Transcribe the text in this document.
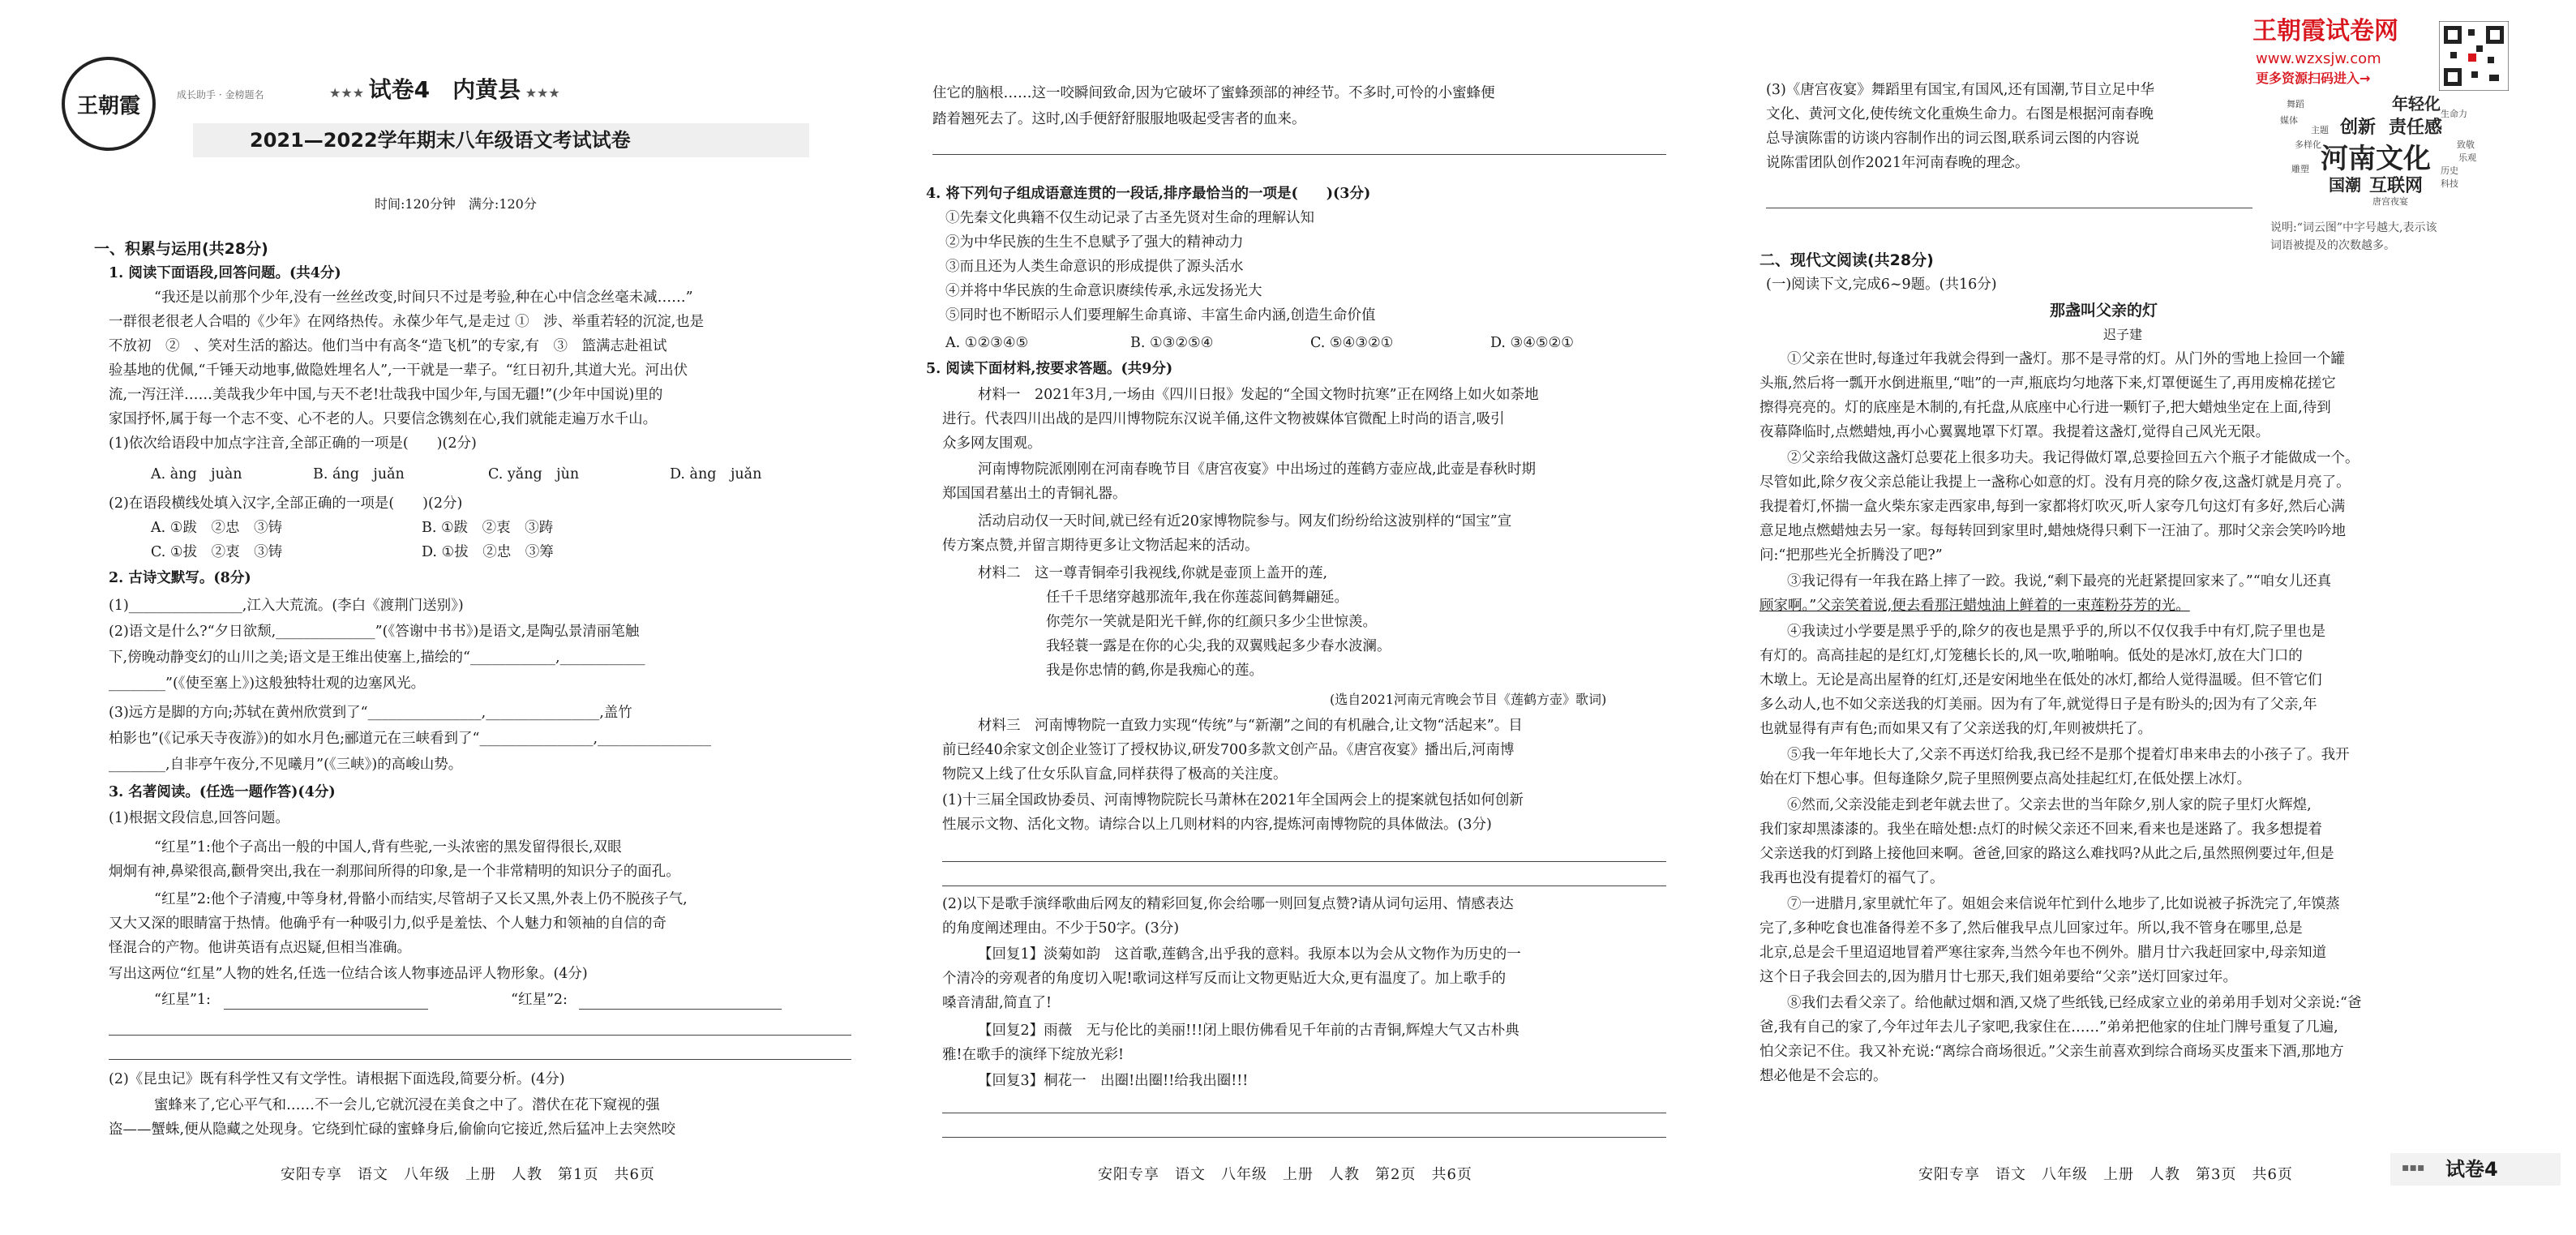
王朝霞	成长助手 · 金榜题名	★★★ 试卷4　 内黄县 ★★★
2021—2022学年期末八年级语文考试试卷
时间:120分钟　满分:120分
一、积累与运用(共28分)
1. 阅读下面语段,回答问题。(共4分)
“我还是以前那个少年,没有一丝丝改变,时间只不过是考验,种在心中信念丝毫未减……”
一群很老很老人合唱的《少年》在网络热传。永葆少年气,是走过 ①　涉、举重若轻的沉淀,也是
不放初　②　、笑对生活的豁达。他们当中有高冬“造飞机”的专家,有　③　篮满志赴祖试
验基地的优佩,“千锤天动地事,做隐姓埋名人”,一干就是一辈子。“红日初升,其道大光。河出伏
流,一泻汪洋……美哉我少年中国,与天不老!壮哉我中国少年,与国无疆!”(少年中国说)里的
家国抒怀,属于每一个志不变、心不老的人。只要信念镌刻在心,我们就能走遍万水千山。
(1)依次给语段中加点字注音,全部正确的一项是(　　)(2分)
A. àng　juàn	B. áng　juǎn	C. yǎng　jùn	D. àng　juǎn
(2)在语段横线处填入汉字,全部正确的一项是(　　)(2分)
A. ①跋　②忠　③铸	B. ①跋　②衷　③踌
C. ①拔　②衷　③铸	D. ①拔　②忠　③筹
2. 古诗文默写。(8分)
(1)________________,江入大荒流。(李白《渡荆门送别》)
(2)语文是什么?“夕日欲颓,______________”(《答谢中书书》)是语文,是陶弘景清丽笔触
下,傍晚动静变幻的山川之美;语文是王维出使塞上,描绘的“____________,____________
________”(《使至塞上》)这般独特壮观的边塞风光。
(3)远方是脚的方向;苏轼在黄州欣赏到了“________________,________________,盖竹
柏影也”(《记承天寺夜游》)的如水月色;郦道元在三峡看到了“________________,________________
________,自非亭午夜分,不见曦月”(《三峡》)的高峻山势。
3. 名著阅读。(任选一题作答)(4分)
(1)根据文段信息,回答问题。
“红星”1:他个子高出一般的中国人,背有些驼,一头浓密的黑发留得很长,双眼
炯炯有神,鼻梁很高,颧骨突出,我在一刹那间所得的印象,是一个非常精明的知识分子的面孔。
“红星”2:他个子清瘦,中等身材,骨骼小而结实,尽管胡子又长又黑,外表上仍不脱孩子气,
又大又深的眼睛富于热情。他确乎有一种吸引力,似乎是羞怯、个人魅力和领袖的自信的奇
怪混合的产物。他讲英语有点迟疑,但相当准确。
写出这两位“红星”人物的姓名,任选一位结合该人物事迹品评人物形象。(4分)
“红星”1:	“红星”2:
(2)《昆虫记》既有科学性又有文学性。请根据下面选段,简要分析。(4分)
蜜蜂来了,它心平气和……不一会儿,它就沉浸在美食之中了。潜伏在花下窥视的强
盗——蟹蛛,便从隐藏之处现身。它绕到忙碌的蜜蜂身后,偷偷向它接近,然后猛冲上去突然咬
安阳专享　语文　八年级　上册　人教　第1页　共6页
住它的脑根……这一咬瞬间致命,因为它破坏了蜜蜂颈部的神经节。不多时,可怜的小蜜蜂便
踏着翘死去了。这时,凶手便舒舒服服地吸起受害者的血来。
4. 将下列句子组成语意连贯的一段话,排序最恰当的一项是(　　)(3分)
①先秦文化典籍不仅生动记录了古圣先贤对生命的理解认知
②为中华民族的生生不息赋予了强大的精神动力
③而且还为人类生命意识的形成提供了源头活水
④并将中华民族的生命意识赓续传承,永远发扬光大
⑤同时也不断昭示人们要理解生命真谛、丰富生命内涵,创造生命价值
A. ①②③④⑤	B. ①③②⑤④	C. ⑤④③②①	D. ③④⑤②①
5. 阅读下面材料,按要求答题。(共9分)
材料一　2021年3月,一场由《四川日报》发起的“全国文物时抗寒”正在网络上如火如荼地
进行。代表四川出战的是四川博物院东汉说羊俑,这件文物被媒体官微配上时尚的语言,吸引
众多网友围观。
河南博物院派刚刚在河南春晚节目《唐宫夜宴》中出场过的莲鹤方壶应战,此壶是春秋时期
郑国国君墓出土的青铜礼器。
活动启动仅一天时间,就已经有近20家博物院参与。网友们纷纷给这波别样的“国宝”宣
传方案点赞,并留言期待更多让文物活起来的活动。
材料二　这一尊青铜牵引我视线,你就是壶顶上盖开的莲,
任千千思绪穿越那流年,我在你莲蕊间鹤舞翩延。
你莞尔一笑就是阳光千鲜,你的红颜只多少尘世惊羡。
我轻蓑一露是在你的心尖,我的双翼贱起多少春水波澜。
我是你忠情的鹤,你是我痴心的莲。
(选自2021河南元宵晚会节目《莲鹤方壶》歌词)
材料三　河南博物院一直致力实现“传统”与“新潮”之间的有机融合,让文物“活起来”。目
前已经40余家文创企业签订了授权协议,研发700多款文创产品。《唐宫夜宴》播出后,河南博
物院又上线了仕女乐队盲盒,同样获得了极高的关注度。
(1)十三届全国政协委员、河南博物院院长马萧林在2021年全国两会上的提案就包括如何创新
性展示文物、活化文物。请综合以上几则材料的内容,提炼河南博物院的具体做法。(3分)
(2)以下是歌手演绎歌曲后网友的精彩回复,你会给哪一则回复点赞?请从词句运用、情感表达
的角度阐述理由。不少于50字。(3分)
【回复1】淡菊如韵　这首歌,莲鹤含,出乎我的意料。我原本以为会从文物作为历史的一
个清冷的旁观者的角度切入呢!歌词这样写反而让文物更贴近大众,更有温度了。加上歌手的
嗓音清甜,简直了!
【回复2】雨薇　无与伦比的美丽!!!闭上眼仿佛看见千年前的古青铜,辉煌大气又古朴典
雅!在歌手的演绎下绽放光彩!
【回复3】桐花一　出圈!出圈!!给我出圈!!!
安阳专享　语文　八年级　上册　人教　第2页　共6页
王朝霞试卷网
www.wzxsjw.com
更多资源扫码进入→
(3)《唐宫夜宴》舞蹈里有国宝,有国风,还有国潮,节目立足中华
文化、黄河文化,使传统文化重焕生命力。右图是根据河南春晚
总导演陈雷的访谈内容制作出的词云图,联系词云图的内容说
说陈雷团队创作2021年河南春晚的理念。
年轻化
创新 责任感
河南文化
国潮 互联网
舞蹈
媒体
主题
多样化
生命力
致敬
乐观
历史
唐宫夜宴
雕塑
科技
说明:“词云图”中字号越大,表示该
词语被提及的次数越多。
二、现代文阅读(共28分)
(一)阅读下文,完成6~9题。(共16分)
那盏叫父亲的灯
迟子建
①父亲在世时,每逢过年我就会得到一盏灯。那不是寻常的灯。从门外的雪地上捡回一个罐
头瓶,然后将一瓢开水倒进瓶里,“咄”的一声,瓶底均匀地落下来,灯罩便诞生了,再用废棉花搓它
擦得亮亮的。灯的底座是木制的,有托盘,从底座中心行进一颗钉子,把大蜡烛坐定在上面,待到
夜幕降临时,点燃蜡烛,再小心翼翼地罩下灯罩。我提着这盏灯,觉得自己风光无限。
②父亲给我做这盏灯总要花上很多功夫。我记得做灯罩,总要捡回五六个瓶子才能做成一个。
尽管如此,除夕夜父亲总能让我提上一盏称心如意的灯。没有月亮的除夕夜,这盏灯就是月亮了。
我提着灯,怀揣一盒火柴东家走西家串,每到一家都将灯吹灭,听人家夸几句这灯有多好,然后心满
意足地点燃蜡烛去另一家。每每转回到家里时,蜡烛烧得只剩下一汪油了。那时父亲会笑吟吟地
问:“把那些光全折腾没了吧?”
③我记得有一年我在路上摔了一跤。我说,“剩下最亮的光赶紧提回家来了。”“咱女儿还真
顾家啊。”父亲笑着说,便去看那汪蜡烛油上鲜着的一束莲粉芬芳的光。
④我读过小学要是黑乎乎的,除夕的夜也是黑乎乎的,所以不仅仅我手中有灯,院子里也是
有灯的。高高挂起的是红灯,灯笼穗长长的,风一吹,啪啪响。低处的是冰灯,放在大门口的
木墩上。无论是高出屋脊的红灯,还是安闲地坐在低处的冰灯,都给人觉得温暖。但不管它们
多么动人,也不如父亲送我的灯美丽。因为有了年,就觉得日子是有盼头的;因为有了父亲,年
也就显得有声有色;而如果又有了父亲送我的灯,年则被烘托了。
⑤我一年年地长大了,父亲不再送灯给我,我已经不是那个提着灯串来串去的小孩子了。我开
始在灯下想心事。但每逢除夕,院子里照例要点高处挂起红灯,在低处摆上冰灯。
⑥然而,父亲没能走到老年就去世了。父亲去世的当年除夕,别人家的院子里灯火辉煌,
我们家却黑漆漆的。我坐在暗处想:点灯的时候父亲还不回来,看来也是迷路了。我多想提着
父亲送我的灯到路上接他回来啊。爸爸,回家的路这么难找吗?从此之后,虽然照例要过年,但是
我再也没有提着灯的福气了。
⑦一进腊月,家里就忙年了。姐姐会来信说年忙到什么地步了,比如说被子拆洗完了,年馍蒸
完了,多种吃食也准备得差不多了,然后催我早点儿回家过年。所以,我不管身在哪里,总是
北京,总是会千里迢迢地冒着严寒往家奔,当然今年也不例外。腊月廿六我赶回家中,母亲知道
这个日子我会回去的,因为腊月廿七那天,我们姐弟要给“父亲”送灯回家过年。
⑧我们去看父亲了。给他献过烟和酒,又烧了些纸钱,已经成家立业的弟弟用手划对父亲说:“爸
爸,我有自己的家了,今年过年去儿子家吧,我家住在……”弟弟把他家的住址门牌号重复了几遍,
怕父亲记不住。我又补充说:“离综合商场很近。”父亲生前喜欢到综合商场买皮蛋来下酒,那地方
想必他是不会忘的。
安阳专享　语文　八年级　上册　人教　第3页　共6页	▪▪▪ 试卷4
